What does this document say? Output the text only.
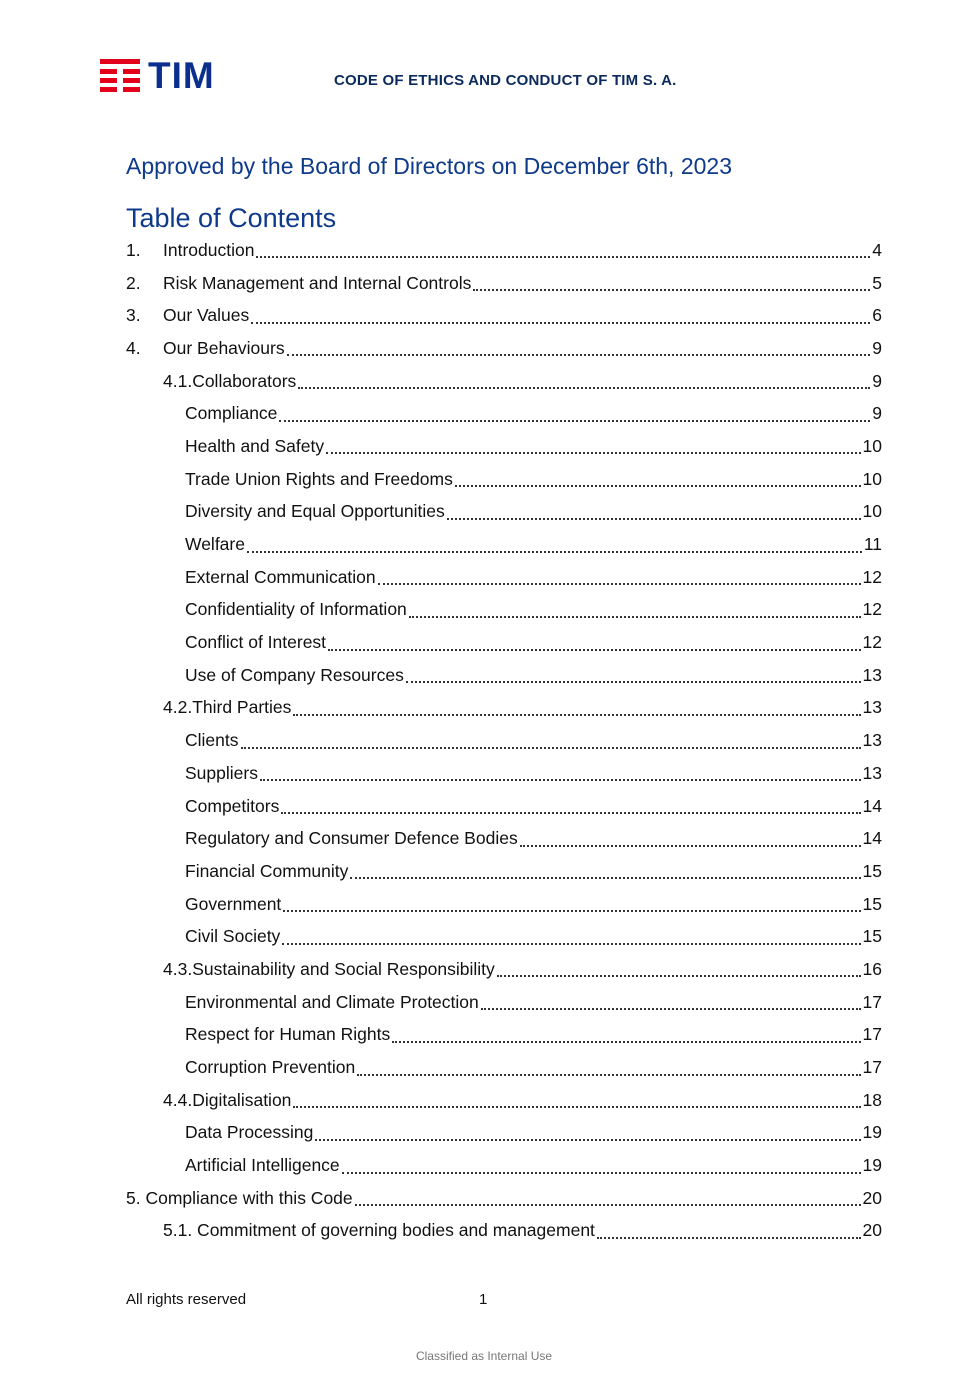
TIM	CODE OF ETHICS AND CONDUCT OF TIM S. A.
Approved by the Board of Directors on December 6th, 2023
Table of Contents
1.	Introduction	4
2.	Risk Management and Internal Controls	5
3.	Our Values	6
4.	Our Behaviours	9
4.1.Collaborators	9
Compliance	9
Health and Safety	10
Trade Union Rights and Freedoms	10
Diversity and Equal Opportunities	10
Welfare	11
External Communication	12
Confidentiality of Information	12
Conflict of Interest	12
Use of Company Resources	13
4.2.Third Parties	13
Clients	13
Suppliers	13
Competitors	14
Regulatory and Consumer Defence Bodies	14
Financial Community	15
Government	15
Civil Society	15
4.3.Sustainability and Social Responsibility	16
Environmental and Climate Protection	17
Respect for Human Rights	17
Corruption Prevention	17
4.4.Digitalisation	18
Data Processing	19
Artificial Intelligence	19
5. Compliance with this Code	20
5.1. Commitment of governing bodies and management	20
All rights reserved	1
Classified as Internal Use
